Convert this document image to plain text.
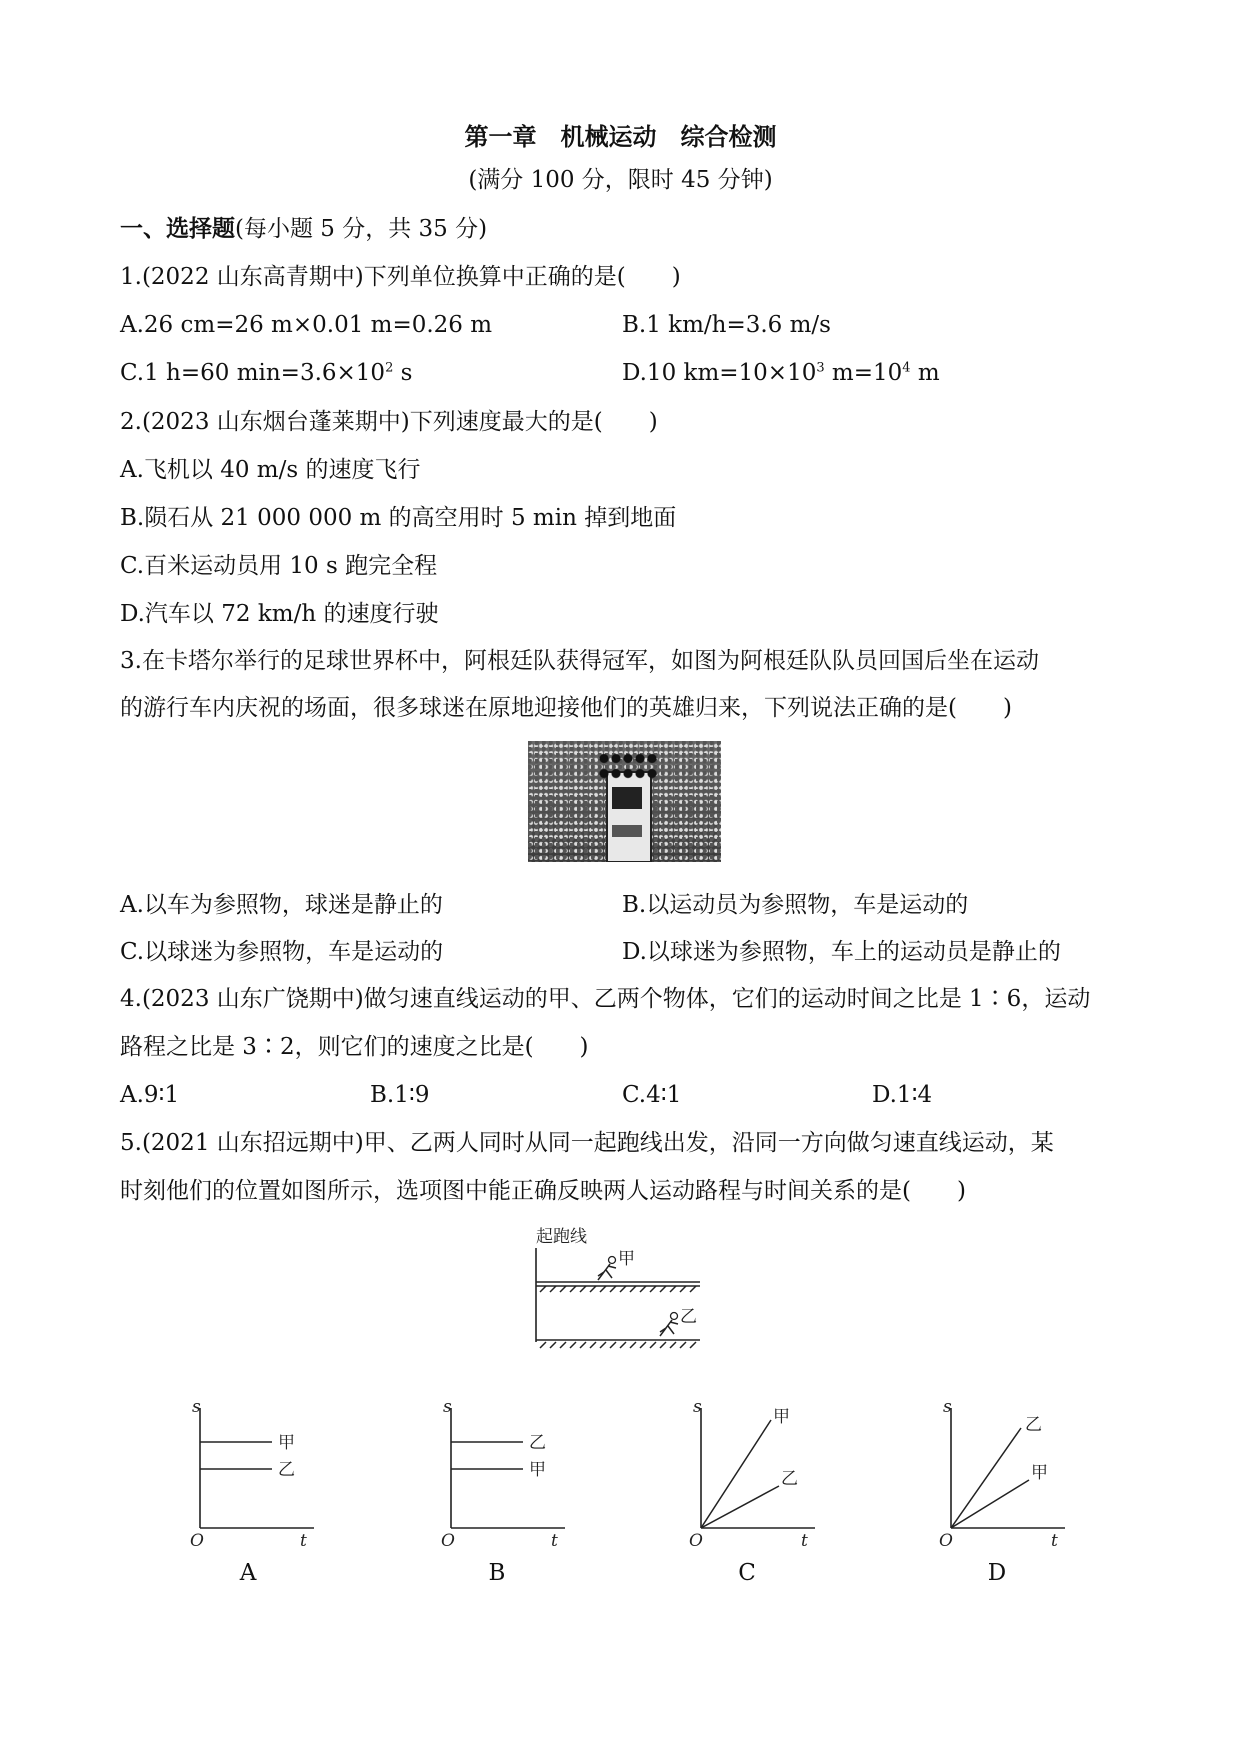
第一章　机械运动　综合检测
(满分 100 分，限时 45 分钟)
一、选择题(每小题 5 分，共 35 分)
1.(2022 山东高青期中)下列单位换算中正确的是(　　)
A.26 cm=26 m×0.01 m=0.26 m	B.1 km/h=3.6 m/s
C.1 h=60 $\min=3.6\times 10^2$ s	D.10 $km=10\times 10^3$ $m=10^4$ m
2.(2023 山东烟台蓬莱期中)下列速度最大的是(　　)
A.飞机以 40 m/s 的速度飞行
B.陨石从 21 000 000 m 的高空用时 5 min 掉到地面
C.百米运动员用 10 s 跑完全程
D.汽车以 72 km/h 的速度行驶
3.在卡塔尔举行的足球世界杯中，阿根廷队获得冠军，如图为阿根廷队队员回国后坐在运动
的游行车内庆祝的场面，很多球迷在原地迎接他们的英雄归来，下列说法正确的是(　　)
A.以车为参照物，球迷是静止的	B.以运动员为参照物，车是运动的
C.以球迷为参照物，车是运动的	D.以球迷为参照物，车上的运动员是静止的
4.(2023 山东广饶期中)做匀速直线运动的甲、乙两个物体，它们的运动时间之比是 1∶6，运动
路程之比是 3∶2，则它们的速度之比是(　　)
A.9∶1	B.1∶9	C.4∶1	D.1∶4
5.(2021 山东招远期中)甲、乙两人同时从同一起跑线出发，沿同一方向做匀速直线运动，某
时刻他们的位置如图所示，选项图中能正确反映两人运动路程与时间关系的是(　　)
起跑线
甲
乙
s
t
O
甲
乙
A
s
t
O
乙
甲
B
s
t
O
甲
乙
C
s
t
O
乙
甲
D
